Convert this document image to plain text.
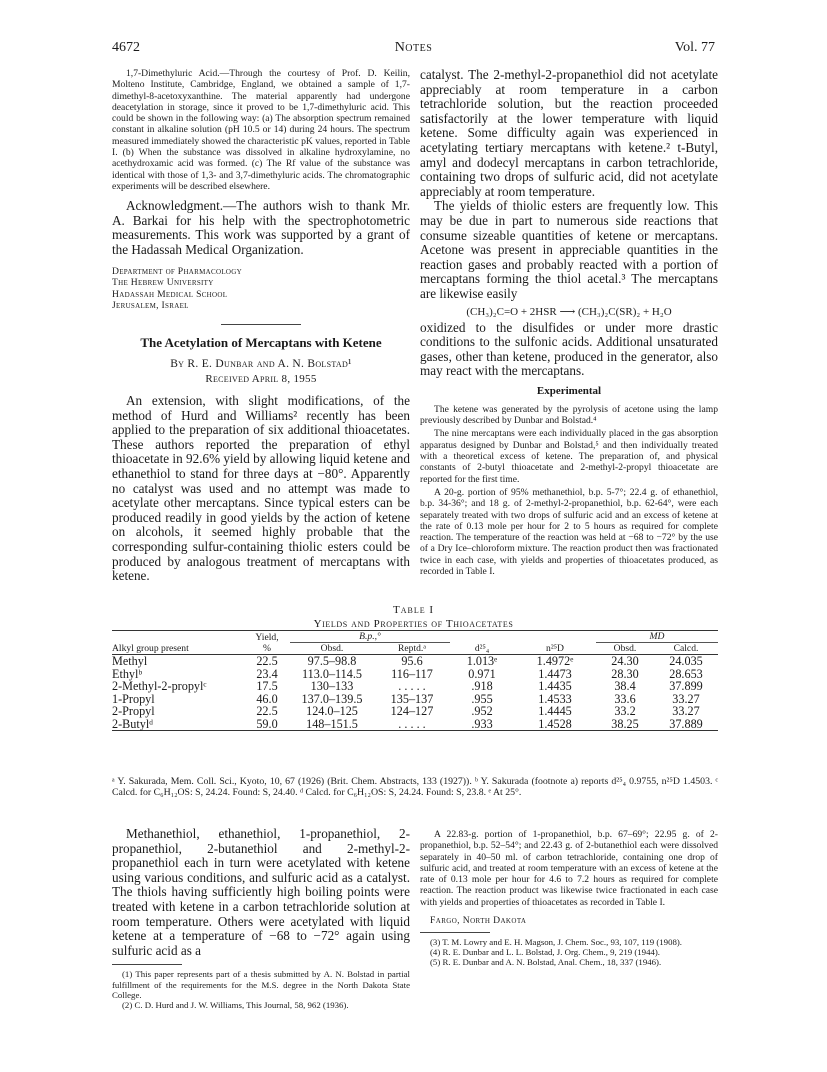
4672	Notes	Vol. 77

1,7-Dimethyluric Acid.—Through the courtesy of Prof. D. Keilin, Molteno Institute, Cambridge, England, we obtained a sample of 1,7-dimethyl-8-acetoxyxanthine. The material apparently had undergone deacetylation in storage, since it proved to be 1,7-dimethyluric acid. This could be shown in the following way: (a) The absorption spectrum remained constant in alkaline solution (pH 10.5 or 14) during 24 hours. The spectrum measured immediately showed the characteristic pK values, reported in Table I. (b) When the substance was dissolved in alkaline hydroxylamine, no acethydroxamic acid was formed. (c) The Rf value of the substance was identical with those of 1,3- and 3,7-dimethyluric acids. The chromatographic experiments will be described elsewhere.

Acknowledgment.—The authors wish to thank Mr. A. Barkai for his help with the spectrophotometric measurements. This work was supported by a grant of the Hadassah Medical Organization.

Department of Pharmacology
The Hebrew University
Hadassah Medical School
Jerusalem, Israel
The Acetylation of Mercaptans with Ketene
By R. E. Dunbar and A. N. Bolstad¹
Received April 8, 1955

An extension, with slight modifications, of the method of Hurd and Williams² recently has been applied to the preparation of six additional thioacetates. These authors reported the preparation of ethyl thioacetate in 92.6% yield by allowing liquid ketene and ethanethiol to stand for three days at −80°. Apparently no catalyst was used and no attempt was made to acetylate other mercaptans. Since typical esters can be produced readily in good yields by the action of ketene on alcohols, it seemed highly probable that the corresponding sulfur-containing thiolic esters could be produced by analogous treatment of mercaptans with ketene.

catalyst. The 2-methyl-2-propanethiol did not acetylate appreciably at room temperature in a carbon tetrachloride solution, but the reaction proceeded satisfactorily at the lower temperature with liquid ketene. Some difficulty again was experienced in acetylating tertiary mercaptans with ketene.² t-Butyl, amyl and dodecyl mercaptans in carbon tetrachloride, containing two drops of sulfuric acid, did not acetylate appreciably at room temperature.

The yields of thiolic esters are frequently low. This may be due in part to numerous side reactions that consume sizeable quantities of ketene or mercaptans. Acetone was present in appreciable quantities in the reaction gases and probably reacted with a portion of mercaptans forming the thiol acetal.³ The mercaptans are likewise easily

(CH₃)₂C=O + 2HSR ⟶ (CH₃)₂C(SR)₂ + H₂O

oxidized to the disulfides or under more drastic conditions to the sulfonic acids. Additional unsaturated gases, other than ketene, produced in the generator, also may react with the mercaptans.

Experimental

The ketene was generated by the pyrolysis of acetone using the lamp previously described by Dunbar and Bolstad.⁴

The nine mercaptans were each individually placed in the gas absorption apparatus designed by Dunbar and Bolstad,⁵ and then individually treated with a theoretical excess of ketene. The preparation of, and physical constants of 2-butyl thioacetate and 2-methyl-2-propyl thioacetate are reported for the first time.

A 20-g. portion of 95% methanethiol, b.p. 5-7°; 22.4 g. of ethanethiol, b.p. 34-36°; and 18 g. of 2-methyl-2-propanethiol, b.p. 62-64°, were each separately treated with two drops of sulfuric acid and an excess of ketene at the rate of 0.13 mole per hour for 2 to 5 hours as required for complete reaction. The temperature of the reaction was held at −68 to −72° by the use of a Dry Ice–chloroform mixture. The reaction product then was fractionated twice in each case, with yields and properties of thioacetates produced, as recorded in Table I.

Table I
Yields and Properties of Thioacetates
	Yield,	B.p.,°				MD	

Alkyl group present	%	Obsd.	Reptd.ᵃ	d²⁵₄	n²⁵D	Obsd.	Calcd.
Methyl	22.5	97.5–98.8	95.6	1.013ᵉ	1.4972ᵉ	24.30	24.035
Ethylᵇ	23.4	113.0–114.5	116–117	0.971	1.4473	28.30	28.653
2-Methyl-2-propylᶜ	17.5	130–133	. . . . .	.918	1.4435	38.4	37.899
1-Propyl	46.0	137.0–139.5	135–137	.955	1.4533	33.6	33.27
2-Propyl	22.5	124.0–125	124–127	.952	1.4445	33.2	33.27
2-Butylᵈ	59.0	148–151.5	. . . . .	.933	1.4528	38.25	37.889

ᵃ Y. Sakurada, Mem. Coll. Sci., Kyoto, 10, 67 (1926) (Brit. Chem. Abstracts, 133 (1927)). ᵇ Y. Sakurada (footnote a) reports d²⁵₄ 0.9755, n²⁵D 1.4503. ᶜ Calcd. for C₆H₁₂OS: S, 24.24. Found: S, 24.40. ᵈ Calcd. for C₆H₁₂OS: S, 24.24. Found: S, 23.8. ᵉ At 25°.

Methanethiol, ethanethiol, 1-propanethiol, 2-propanethiol, 2-butanethiol and 2-methyl-2-propanethiol each in turn were acetylated with ketene using various conditions, and sulfuric acid as a catalyst. The thiols having sufficiently high boiling points were treated with ketene in a carbon tetrachloride solution at room temperature. Others were acetylated with liquid ketene at a temperature of −68 to −72° again using sulfuric acid as a

(1) This paper represents part of a thesis submitted by A. N. Bolstad in partial fulfillment of the requirements for the M.S. degree in the North Dakota State College.

(2) C. D. Hurd and J. W. Williams, This Journal, 58, 962 (1936).

A 22.83-g. portion of 1-propanethiol, b.p. 67–69°; 22.95 g. of 2-propanethiol, b.p. 52–54°; and 22.43 g. of 2-butanethiol each were dissolved separately in 40–50 ml. of carbon tetrachloride, containing one drop of sulfuric acid, and treated at room temperature with an excess of ketene at the rate of 0.13 mole per hour for 4.6 to 7.2 hours as required for complete reaction. The reaction product was likewise twice fractionated in each case with yields and properties of thioacetates as recorded in Table I.

Fargo, North Dakota

(3) T. M. Lowry and E. H. Magson, J. Chem. Soc., 93, 107, 119 (1908).

(4) R. E. Dunbar and L. L. Bolstad, J. Org. Chem., 9, 219 (1944).

(5) R. E. Dunbar and A. N. Bolstad, Anal. Chem., 18, 337 (1946).
